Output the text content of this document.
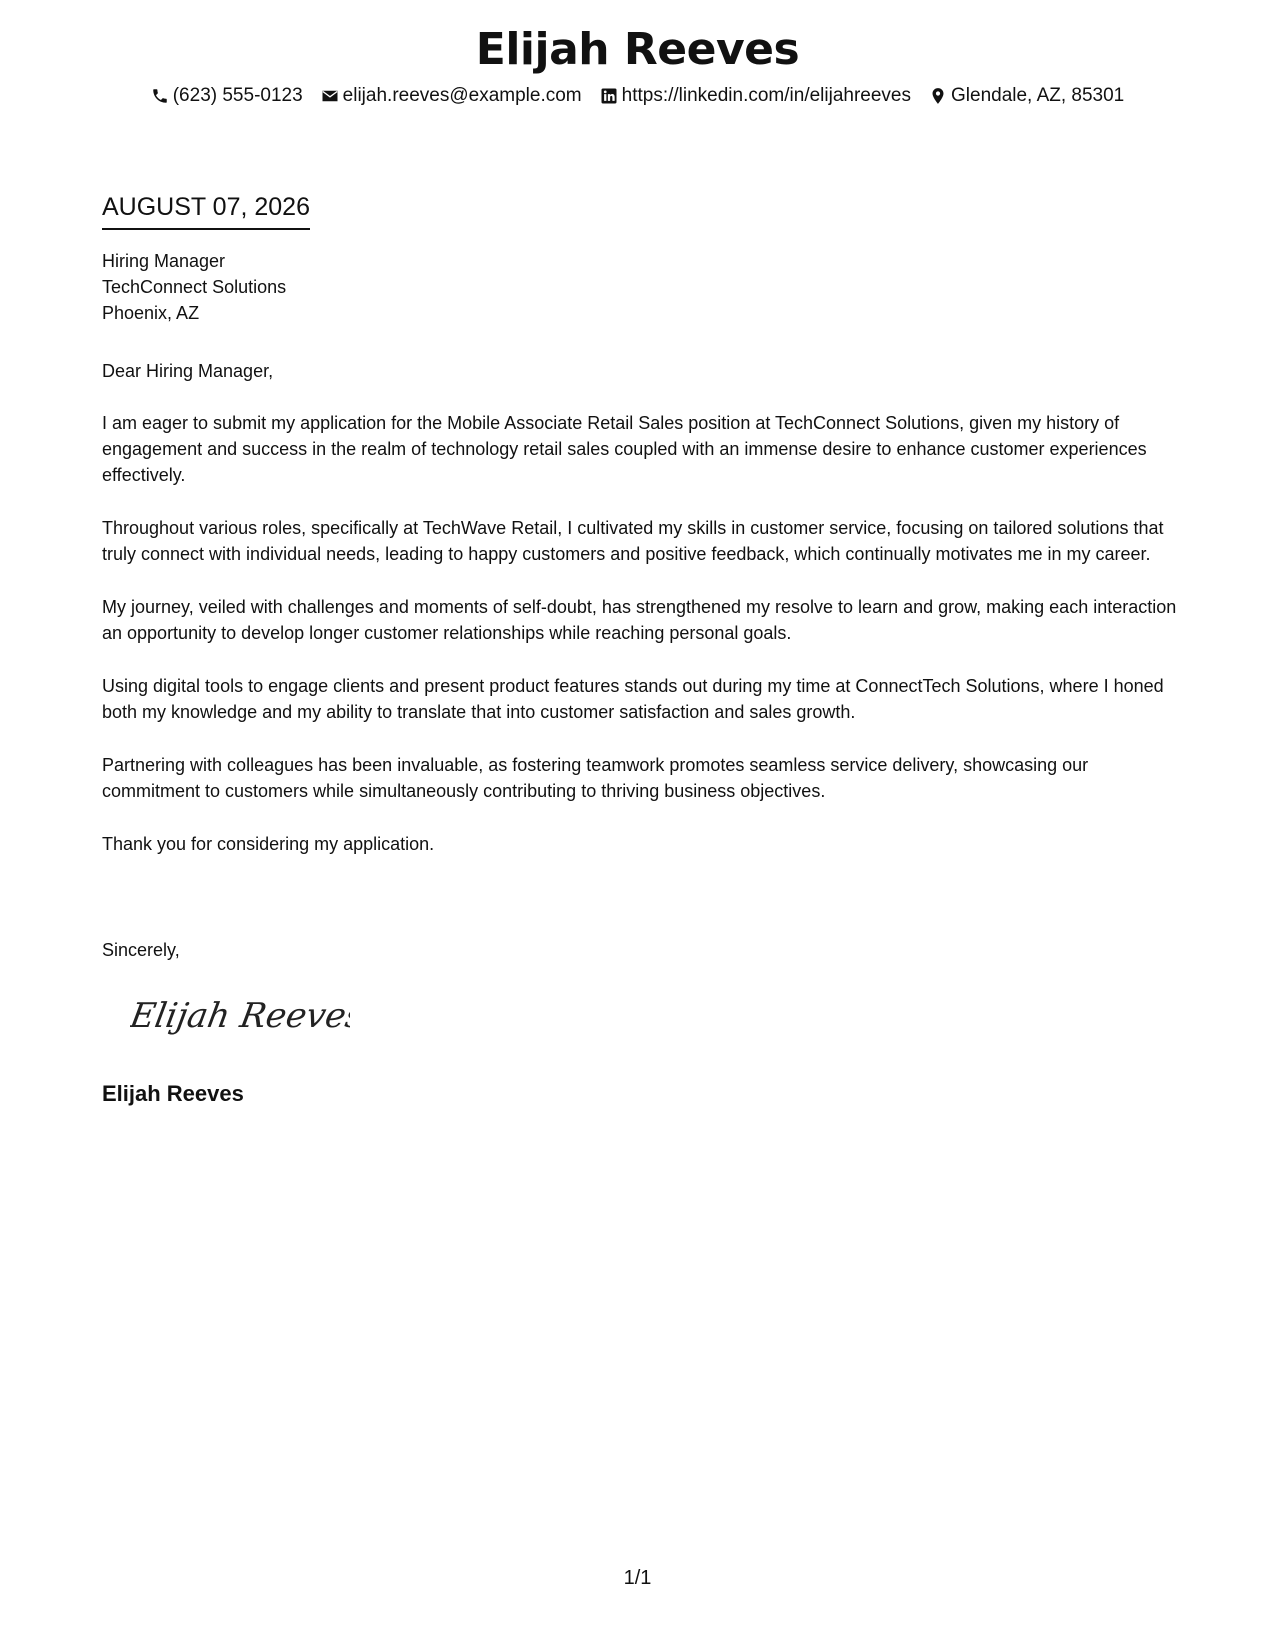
Elijah Reeves
(623) 555-0123 elijah.reeves@example.com https://linkedin.com/in/elijahreeves Glendale, AZ, 85301
AUGUST 07, 2026
Hiring Manager
TechConnect Solutions
Phoenix, AZ
Dear Hiring Manager,

I am eager to submit my application for the Mobile Associate Retail Sales position at TechConnect Solutions, given my history of engagement and success in the realm of technology retail sales coupled with an immense desire to enhance customer experiences effectively.

Throughout various roles, specifically at TechWave Retail, I cultivated my skills in customer service, focusing on tailored solutions that truly connect with individual needs, leading to happy customers and positive feedback, which continually motivates me in my career.

My journey, veiled with challenges and moments of self-doubt, has strengthened my resolve to learn and grow, making each interaction an opportunity to develop longer customer relationships while reaching personal goals.

Using digital tools to engage clients and present product features stands out during my time at ConnectTech Solutions, where I honed both my knowledge and my ability to translate that into customer satisfaction and sales growth.

Partnering with colleagues has been invaluable, as fostering teamwork promotes seamless service delivery, showcasing our commitment to customers while simultaneously contributing to thriving business objectives.

Thank you for considering my application.

Sincerely,
Elijah Reeves
Elijah Reeves
1/1
